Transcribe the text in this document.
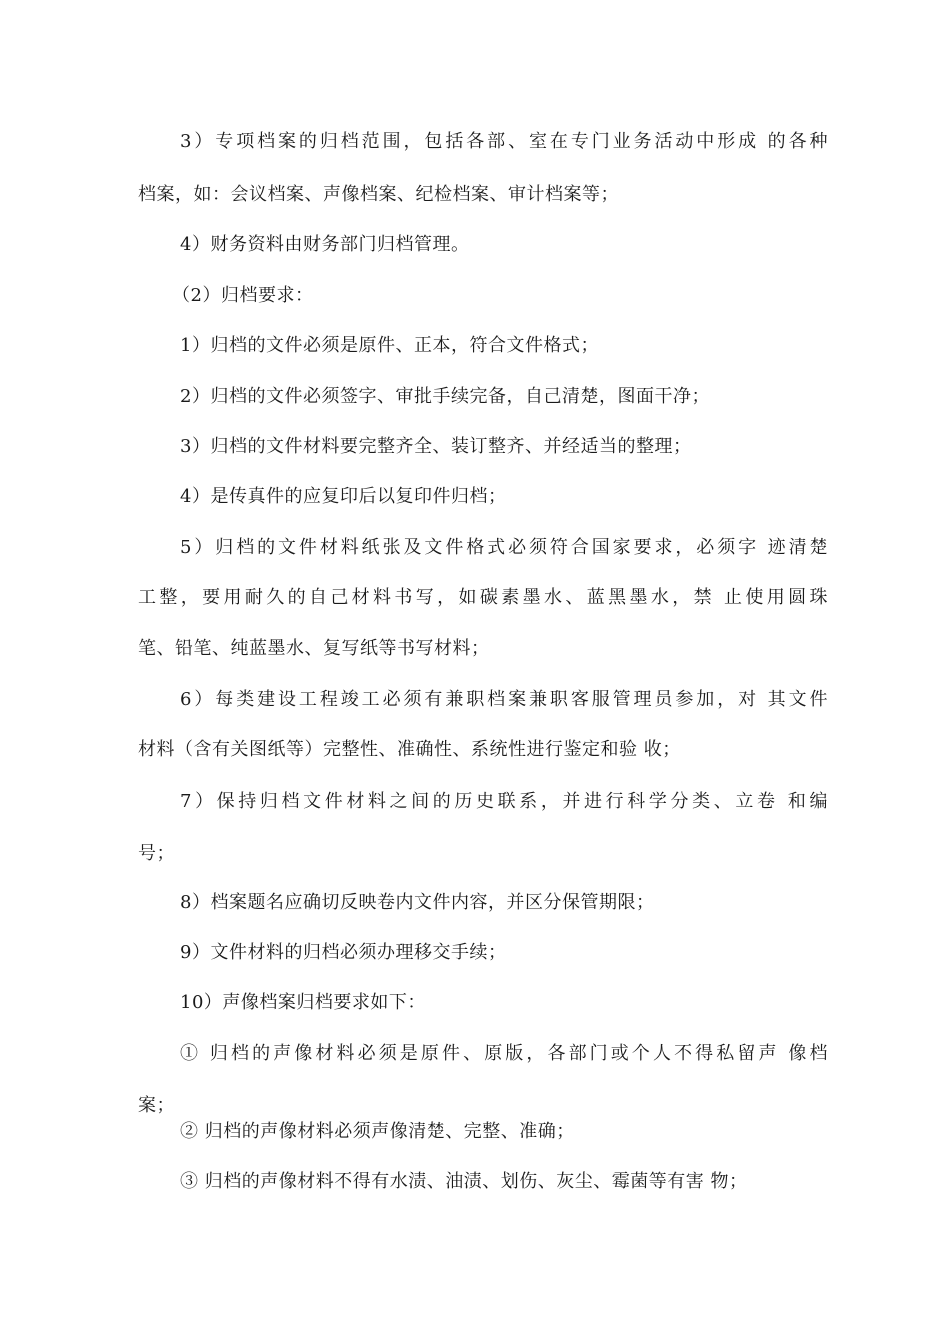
3）专项档案的归档范围，包括各部、室在专门业务活动中形成 的各种
档案，如：会议档案、声像档案、纪检档案、审计档案等；
4）财务资料由财务部门归档管理。
（2）归档要求：
1）归档的文件必须是原件、正本，符合文件格式；
2）归档的文件必须签字、审批手续完备，自己清楚，图面干净；
3）归档的文件材料要完整齐全、装订整齐、并经适当的整理；
4）是传真件的应复印后以复印件归档；
5）归档的文件材料纸张及文件格式必须符合国家要求，必须字 迹清楚
工整，要用耐久的自己材料书写，如碳素墨水、蓝黑墨水，禁 止使用圆珠
笔、铅笔、纯蓝墨水、复写纸等书写材料；
6）每类建设工程竣工必须有兼职档案兼职客服管理员参加，对 其文件
材料（含有关图纸等）完整性、准确性、系统性进行鉴定和验 收；
7）保持归档文件材料之间的历史联系，并进行科学分类、立卷 和编
号；
8）档案题名应确切反映卷内文件内容，并区分保管期限；
9）文件材料的归档必须办理移交手续；
10）声像档案归档要求如下：
① 归档的声像材料必须是原件、原版，各部门或个人不得私留声 像档
案；
② 归档的声像材料必须声像清楚、完整、准确；
③ 归档的声像材料不得有水渍、油渍、划伤、灰尘、霉菌等有害 物；
